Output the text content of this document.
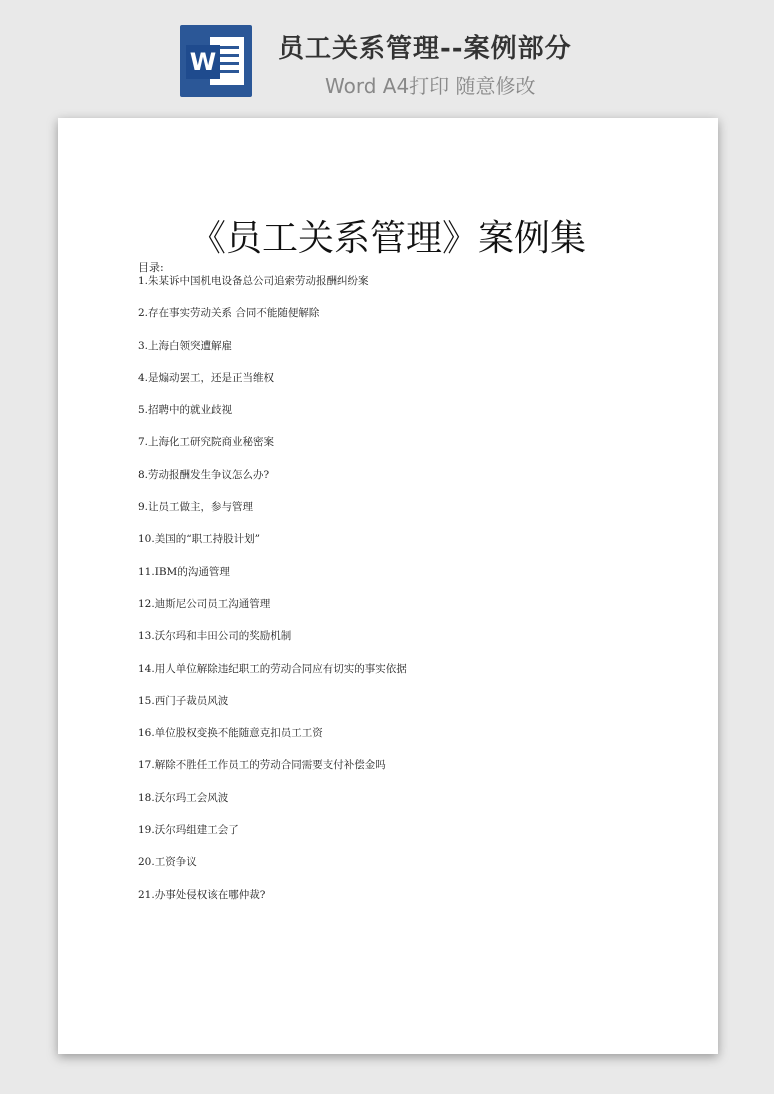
W 员工关系管理--案例部分
Word A4打印 随意修改
《员工关系管理》案例集
目录:
1.朱某诉中国机电设备总公司追索劳动报酬纠纷案
2.存在事实劳动关系 合同不能随便解除
3.上海白领突遭解雇
4.是煽动罢工，还是正当维权
5.招聘中的就业歧视
7.上海化工研究院商业秘密案
8.劳动报酬发生争议怎么办?
9.让员工做主，参与管理
10.美国的“职工持股计划”
11.IBM的沟通管理
12.迪斯尼公司员工沟通管理
13.沃尔玛和丰田公司的奖励机制
14.用人单位解除违纪职工的劳动合同应有切实的事实依据
15.西门子裁员风波
16.单位股权变换不能随意克扣员工工资
17.解除不胜任工作员工的劳动合同需要支付补偿金吗
18.沃尔玛工会风波
19.沃尔玛组建工会了
20.工资争议
21.办事处侵权该在哪仲裁?
